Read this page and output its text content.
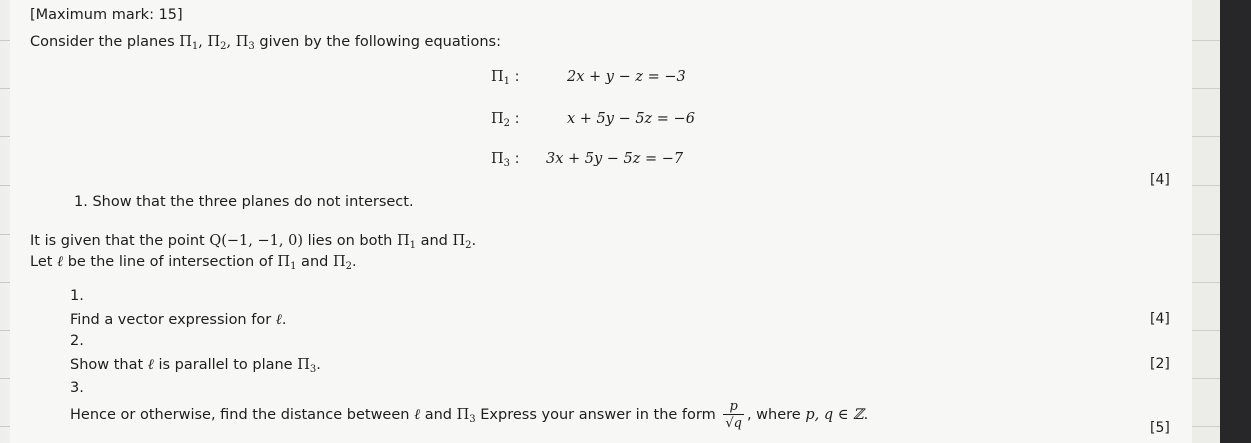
[Maximum mark: 15]
Consider the planes $\Pi_1$, $\Pi_2$, $\Pi_3$ given by the following equations:
$\Pi_1$ :	2x + y − z = −3
$\Pi_2$ :	x + 5y − 5z = −6
$\Pi_3$ : 3x + 5y − 5z = −7
[4]
1. Show that the three planes do not intersect.
It is given that the point Q(−1, −1, 0) lies on both $\Pi_1$ and $\Pi_2$.
Let ℓ be the line of intersection of $\Pi_1$ and $\Pi_2$.
1.
Find a vector expression for ℓ.	[4]
2.
Show that ℓ is parallel to plane $\Pi_3$.	[2]
3.
Hence or otherwise, find the distance between ℓ and $\Pi_3$ Express your answer in the form $\frac{p}{√q}$ , where p, q ∈ ℤ.
[5]
